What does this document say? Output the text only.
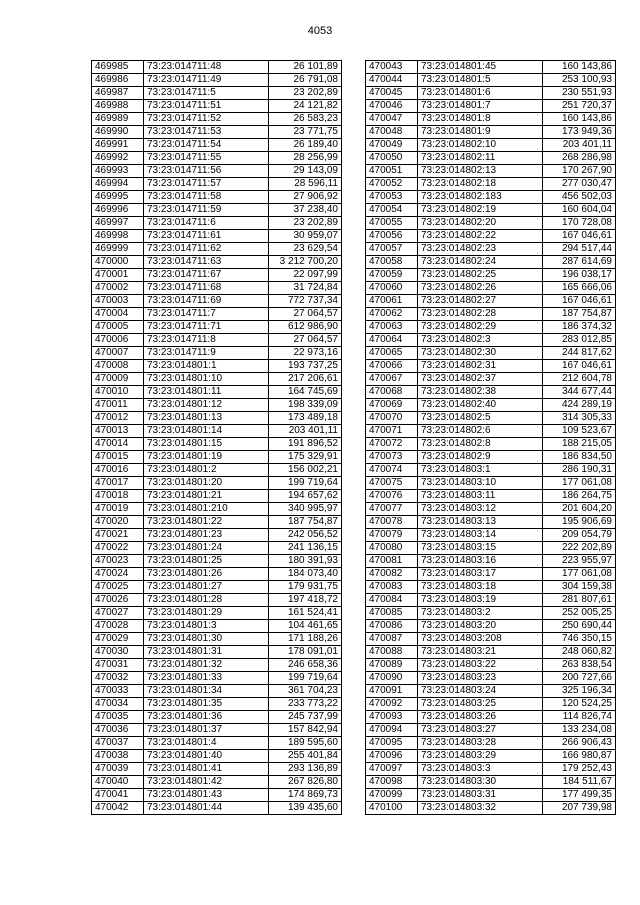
4053
469985	73:23:014711:48	26 101,89
469986	73:23:014711:49	26 791,08
469987	73:23:014711:5	23 202,89
469988	73:23:014711:51	24 121,82
469989	73:23:014711:52	26 583,23
469990	73:23:014711:53	23 771,75
469991	73:23:014711:54	26 189,40
469992	73:23:014711:55	28 256,99
469993	73:23:014711:56	29 143,09
469994	73:23:014711:57	28 596,11
469995	73:23:014711:58	27 906,92
469996	73:23:014711:59	37 238,40
469997	73:23:014711:6	23 202,89
469998	73:23:014711:61	30 959,07
469999	73:23:014711:62	23 629,54
470000	73:23:014711:63	3 212 700,20
470001	73:23:014711:67	22 097,99
470002	73:23:014711:68	31 724,84
470003	73:23:014711:69	772 737,34
470004	73:23:014711:7	27 064,57
470005	73:23:014711:71	612 986,90
470006	73:23:014711:8	27 064,57
470007	73:23:014711:9	22 973,16
470008	73:23:014801:1	193 737,25
470009	73:23:014801:10	217 206,61
470010	73:23:014801:11	164 745,69
470011	73:23:014801:12	198 339,09
470012	73:23:014801:13	173 489,18
470013	73:23:014801:14	203 401,11
470014	73:23:014801:15	191 896,52
470015	73:23:014801:19	175 329,91
470016	73:23:014801:2	156 002,21
470017	73:23:014801:20	199 719,64
470018	73:23:014801:21	194 657,62
470019	73:23:014801:210	340 995,97
470020	73:23:014801:22	187 754,87
470021	73:23:014801:23	242 056,52
470022	73:23:014801:24	241 136,15
470023	73:23:014801:25	180 391,93
470024	73:23:014801:26	184 073,40
470025	73:23:014801:27	179 931,75
470026	73:23:014801:28	197 418,72
470027	73:23:014801:29	161 524,41
470028	73:23:014801:3	104 461,65
470029	73:23:014801:30	171 188,26
470030	73:23:014801:31	178 091,01
470031	73:23:014801:32	246 658,36
470032	73:23:014801:33	199 719,64
470033	73:23:014801:34	361 704,23
470034	73:23:014801:35	233 773,22
470035	73:23:014801:36	245 737,99
470036	73:23:014801:37	157 842,94
470037	73:23:014801:4	189 595,60
470038	73:23:014801:40	255 401,84
470039	73:23:014801:41	293 136,89
470040	73:23:014801:42	267 826,80
470041	73:23:014801:43	174 869,73
470042	73:23:014801:44	139 435,60
470043	73:23:014801:45	160 143,86
470044	73:23:014801:5	253 100,93
470045	73:23:014801:6	230 551,93
470046	73:23:014801:7	251 720,37
470047	73:23:014801:8	160 143,86
470048	73:23:014801:9	173 949,36
470049	73:23:014802:10	203 401,11
470050	73:23:014802:11	268 286,98
470051	73:23:014802:13	170 267,90
470052	73:23:014802:18	277 030,47
470053	73:23:014802:183	456 502,03
470054	73:23:014802:19	160 604,04
470055	73:23:014802:20	170 728,08
470056	73:23:014802:22	167 046,61
470057	73:23:014802:23	294 517,44
470058	73:23:014802:24	287 614,69
470059	73:23:014802:25	196 038,17
470060	73:23:014802:26	165 666,06
470061	73:23:014802:27	167 046,61
470062	73:23:014802:28	187 754,87
470063	73:23:014802:29	186 374,32
470064	73:23:014802:3	283 012,85
470065	73:23:014802:30	244 817,62
470066	73:23:014802:31	167 046,61
470067	73:23:014802:37	212 604,78
470068	73:23:014802:38	344 677,44
470069	73:23:014802:40	424 289,19
470070	73:23:014802:5	314 305,33
470071	73:23:014802:6	109 523,67
470072	73:23:014802:8	188 215,05
470073	73:23:014802:9	186 834,50
470074	73:23:014803:1	286 190,31
470075	73:23:014803:10	177 061,08
470076	73:23:014803:11	186 264,75
470077	73:23:014803:12	201 604,20
470078	73:23:014803:13	195 906,69
470079	73:23:014803:14	209 054,79
470080	73:23:014803:15	222 202,89
470081	73:23:014803:16	223 955,97
470082	73:23:014803:17	177 061,08
470083	73:23:014803:18	304 159,38
470084	73:23:014803:19	281 807,61
470085	73:23:014803:2	252 005,25
470086	73:23:014803:20	250 690,44
470087	73:23:014803:208	746 350,15
470088	73:23:014803:21	248 060,82
470089	73:23:014803:22	263 838,54
470090	73:23:014803:23	200 727,66
470091	73:23:014803:24	325 196,34
470092	73:23:014803:25	120 524,25
470093	73:23:014803:26	114 826,74
470094	73:23:014803:27	133 234,08
470095	73:23:014803:28	266 906,43
470096	73:23:014803:29	166 980,87
470097	73:23:014803:3	179 252,43
470098	73:23:014803:30	184 511,67
470099	73:23:014803:31	177 499,35
470100	73:23:014803:32	207 739,98
